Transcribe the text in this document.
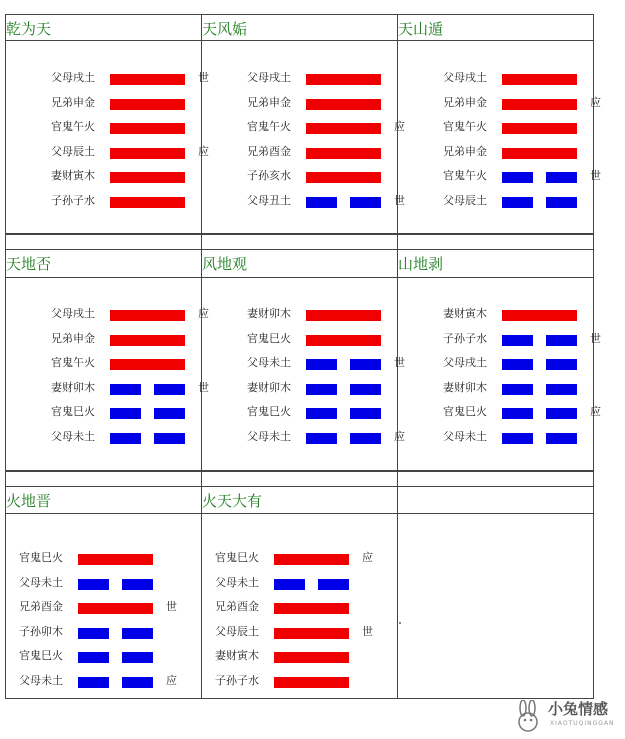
乾为天
父母戌土	世
兄弟申金
官鬼午火
父母辰土	应
妻财寅木
子孙子水
天风姤
父母戌土
兄弟申金
官鬼午火	应
兄弟酉金
子孙亥水
父母丑土	世
天山遁
父母戌土
兄弟申金	应
官鬼午火
兄弟申金
官鬼午火	世
父母辰土
天地否
父母戌土	应
兄弟申金
官鬼午火
妻财卯木	世
官鬼巳火
父母未土
风地观
妻财卯木
官鬼巳火
父母未土	世
妻财卯木
官鬼巳火
父母未土	应
山地剥
妻财寅木
子孙子水	世
父母戌土
妻财卯木
官鬼巳火	应
父母未土
火地晋
官鬼巳火
父母未土
兄弟酉金	世
子孙卯木
官鬼巳火
父母未土	应
火天大有
官鬼巳火	应
父母未土
兄弟酉金
父母辰土	世
妻财寅木
子孙子水
小兔情感
XIAOTUQINGGAN
